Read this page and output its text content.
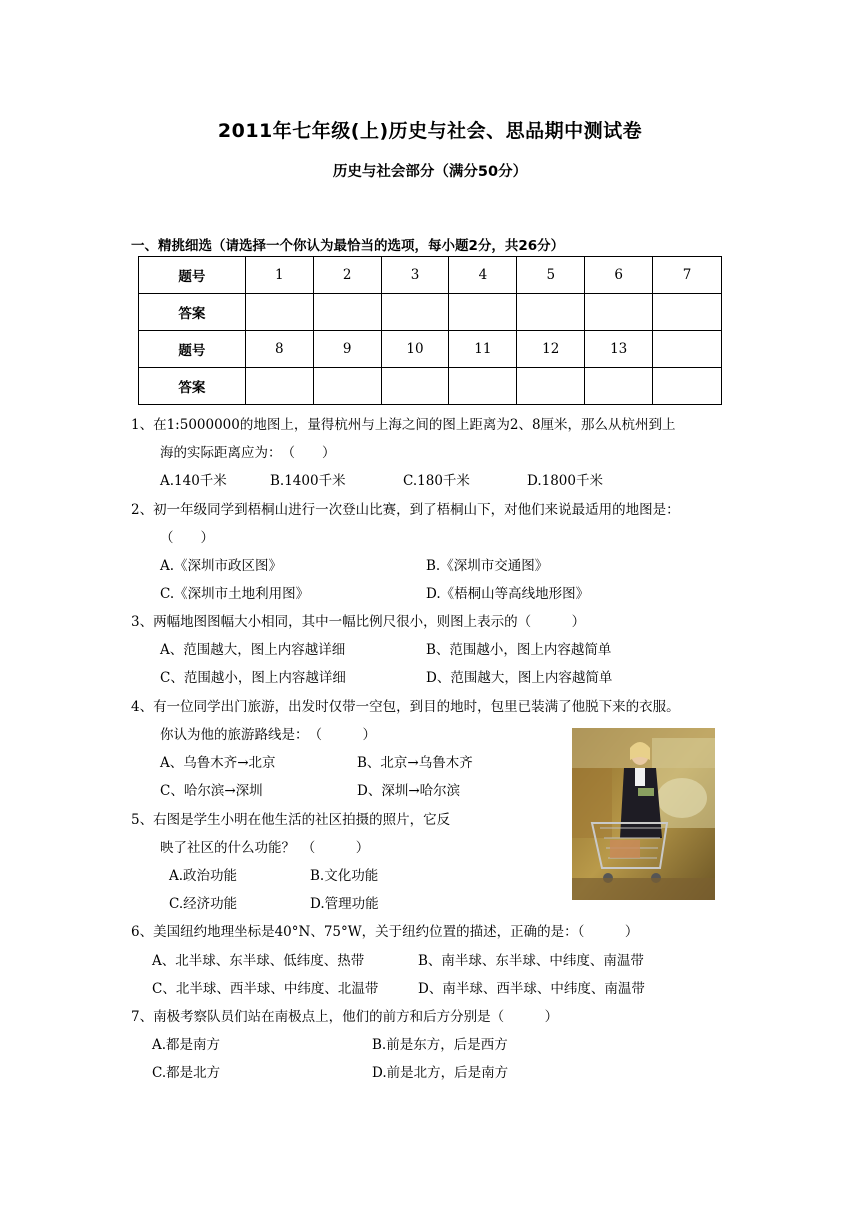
2011年七年级(上)历史与社会、思品期中测试卷
历史与社会部分（满分50分）
一、精挑细选（请选择一个你认为最恰当的选项，每小题2分，共26分）
题号	1	2	3	4	5	6	7
答案							
题号	8	9	10	11	12	13	
答案							
1、在1:5000000的地图上，量得杭州与上海之间的图上距离为2、8厘米，那么从杭州到上
海的实际距离应为：　（　　）
A.140千米	B.1400千米	C.180千米	D.1800千米
2、初一年级同学到梧桐山进行一次登山比赛，到了梧桐山下，对他们来说最适用的地图是：
（　　）
A.《深圳市政区图》	B.《深圳市交通图》
C.《深圳市土地利用图》	D.《梧桐山等高线地形图》
3、两幅地图图幅大小相同，其中一幅比例尺很小，则图上表示的（　　　）
A、范围越大，图上内容越详细	B、范围越小，图上内容越简单
C、范围越小，图上内容越详细	D、范围越大，图上内容越简单
4、有一位同学出门旅游，出发时仅带一空包，到目的地时，包里已装满了他脱下来的衣服。
你认为他的旅游路线是：　（　　　）
A、乌鲁木齐→北京	B、北京→乌鲁木齐
C、哈尔滨→深圳	D、深圳→哈尔滨
5、右图是学生小明在他生活的社区拍摄的照片，它反
映了社区的什么功能？　（　　　）
A.政治功能	B.文化功能
C.经济功能	D.管理功能
6、美国纽约地理坐标是40°N、75°W，关于纽约位置的描述，正确的是：（　　　）
A、北半球、东半球、低纬度、热带	B、南半球、东半球、中纬度、南温带
C、北半球、西半球、中纬度、北温带	D、南半球、西半球、中纬度、南温带
7、南极考察队员们站在南极点上，他们的前方和后方分别是（　　　）
A.都是南方	B.前是东方，后是西方
C.都是北方	D.前是北方，后是南方
